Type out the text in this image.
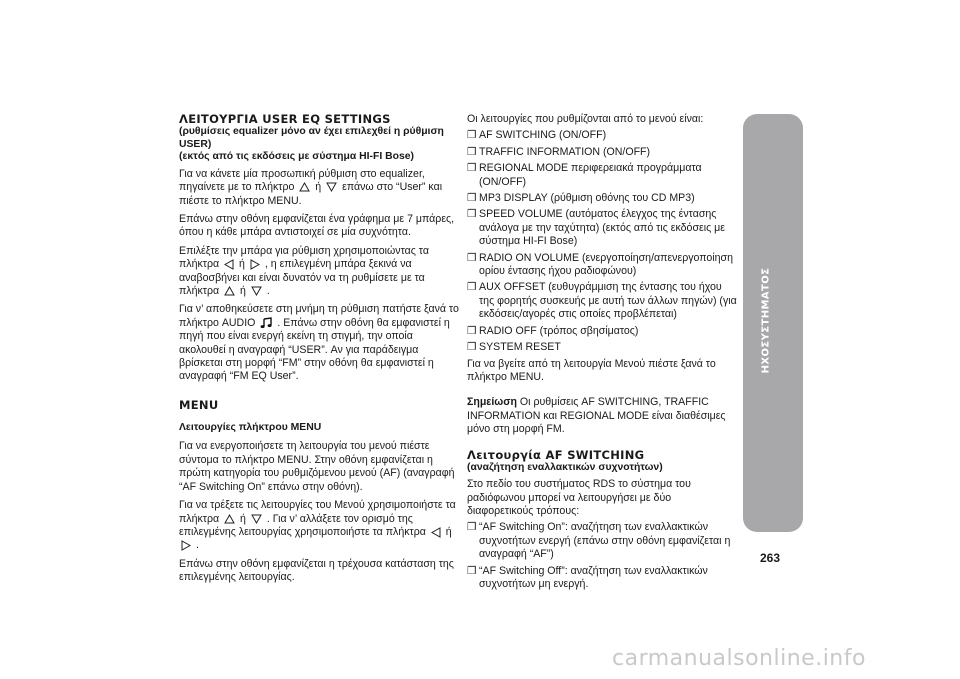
ΗΧΟΣΥΣΤΗΜΑΤΟΣ
ΛΕΙΤΟΥΡΓΙΑ USER EQ SETTINGS
(ρυθμίσεις equalizer μόνο αν έχει επιλεχθεί η ρύθμιση USER)
(εκτός από τις εκδόσεις με σύστημα HI-FI Bose)

Για να κάνετε μία προσωπική ρύθμιση στο equalizer, πηγαίνετε με το πλήκτρο ή επάνω στο “User” και πιέστε το πλήκτρο MENU.

Επάνω στην οθόνη εμφανίζεται ένα γράφημα με 7 μπάρες, όπου η κάθε μπάρα αντιστοιχεί σε μία συχνότητα.

Επιλέξτε την μπάρα για ρύθμιση χρησιμοποιώντας τα πλήκτρα ή , η επιλεγμένη μπάρα ξεκινά να αναβοσβήνει και είναι δυνατόν να τη ρυθμίσετε με τα πλήκτρα ή .

Για ν’ αποθηκεύσετε στη μνήμη τη ρύθμιση πατήστε ξανά το πλήκτρο AUDIO . Επάνω στην οθόνη θα εμφανιστεί η πηγή που είναι ενεργή εκείνη τη στιγμή, την οποία ακολουθεί η αναγραφή “USER”. Αν για παράδειγμα βρίσκεται στη μορφή “FM” στην οθόνη θα εμφανιστεί η αναγραφή “FM EQ User”.

MENU
Λειτουργίες πλήκτρου MENU

Για να ενεργοποιήσετε τη λειτουργία του μενού πιέστε σύντομα το πλήκτρο MENU. Στην οθόνη εμφανίζεται η πρώτη κατηγορία του ρυθμιζόμενου μενού (AF) (αναγραφή “AF Switching On” επάνω στην οθόνη).

Για να τρέξετε τις λειτουργίες του Μενού χρησιμοποιήστε τα πλήκτρα ή . Για ν’ αλλάξετε τον ορισμό της επιλεγμένης λειτουργίας χρησιμοποιήστε τα πλήκτρα ή  .

Επάνω στην οθόνη εμφανίζεται η τρέχουσα κατάσταση της επιλεγμένης λειτουργίας.

Οι λειτουργίες που ρυθμίζονται από το μενού είναι:

❒ AF SWITCHING (ON/OFF)
❒ TRAFFIC INFORMATION (ON/OFF)
❒ REGIONAL MODE περιφερειακά προγράμματα (ON/OFF)
❒ MP3 DISPLAY (ρύθμιση οθόνης του CD MP3)
❒ SPEED VOLUME (αυτόματος έλεγχος της έντασης ανάλογα με την ταχύτητα) (εκτός από τις εκδόσεις με σύστημα HI-FI Bose)
❒ RADIO ON VOLUME (ενεργοποίηση/απενεργοποίηση ορίου έντασης ήχου ραδιοφώνου)
❒ AUX OFFSET (ευθυγράμμιση της έντασης του ήχου της φορητής συσκευής με αυτή των άλλων πηγών) (για εκδόσεις/αγορές στις οποίες προβλέπεται)
❒ RADIO OFF (τρόπος σβησίματος)
❒ SYSTEM RESET

Για να βγείτε από τη λειτουργία Μενού πιέστε ξανά το πλήκτρο MENU.

Σημείωση Οι ρυθμίσεις AF SWITCHING, TRAFFIC INFORMATION και REGIONAL MODE είναι διαθέσιμες μόνο στη μορφή FM.

Λειτουργία AF SWITCHING
(αναζήτηση εναλλακτικών συχνοτήτων)

Στο πεδίο του συστήματος RDS το σύστημα του ραδιόφωνου μπορεί να λειτουργήσει με δύο διαφορετικούς τρόπους:

❒ “AF Switching On”: αναζήτηση των εναλλακτικών συχνοτήτων ενεργή (επάνω στην οθόνη εμφανίζεται η αναγραφή “AF”)
❒ “AF Switching Off”: αναζήτηση των εναλλακτικών συχνοτήτων μη ενεργή.
263
carmanualsonline.info
